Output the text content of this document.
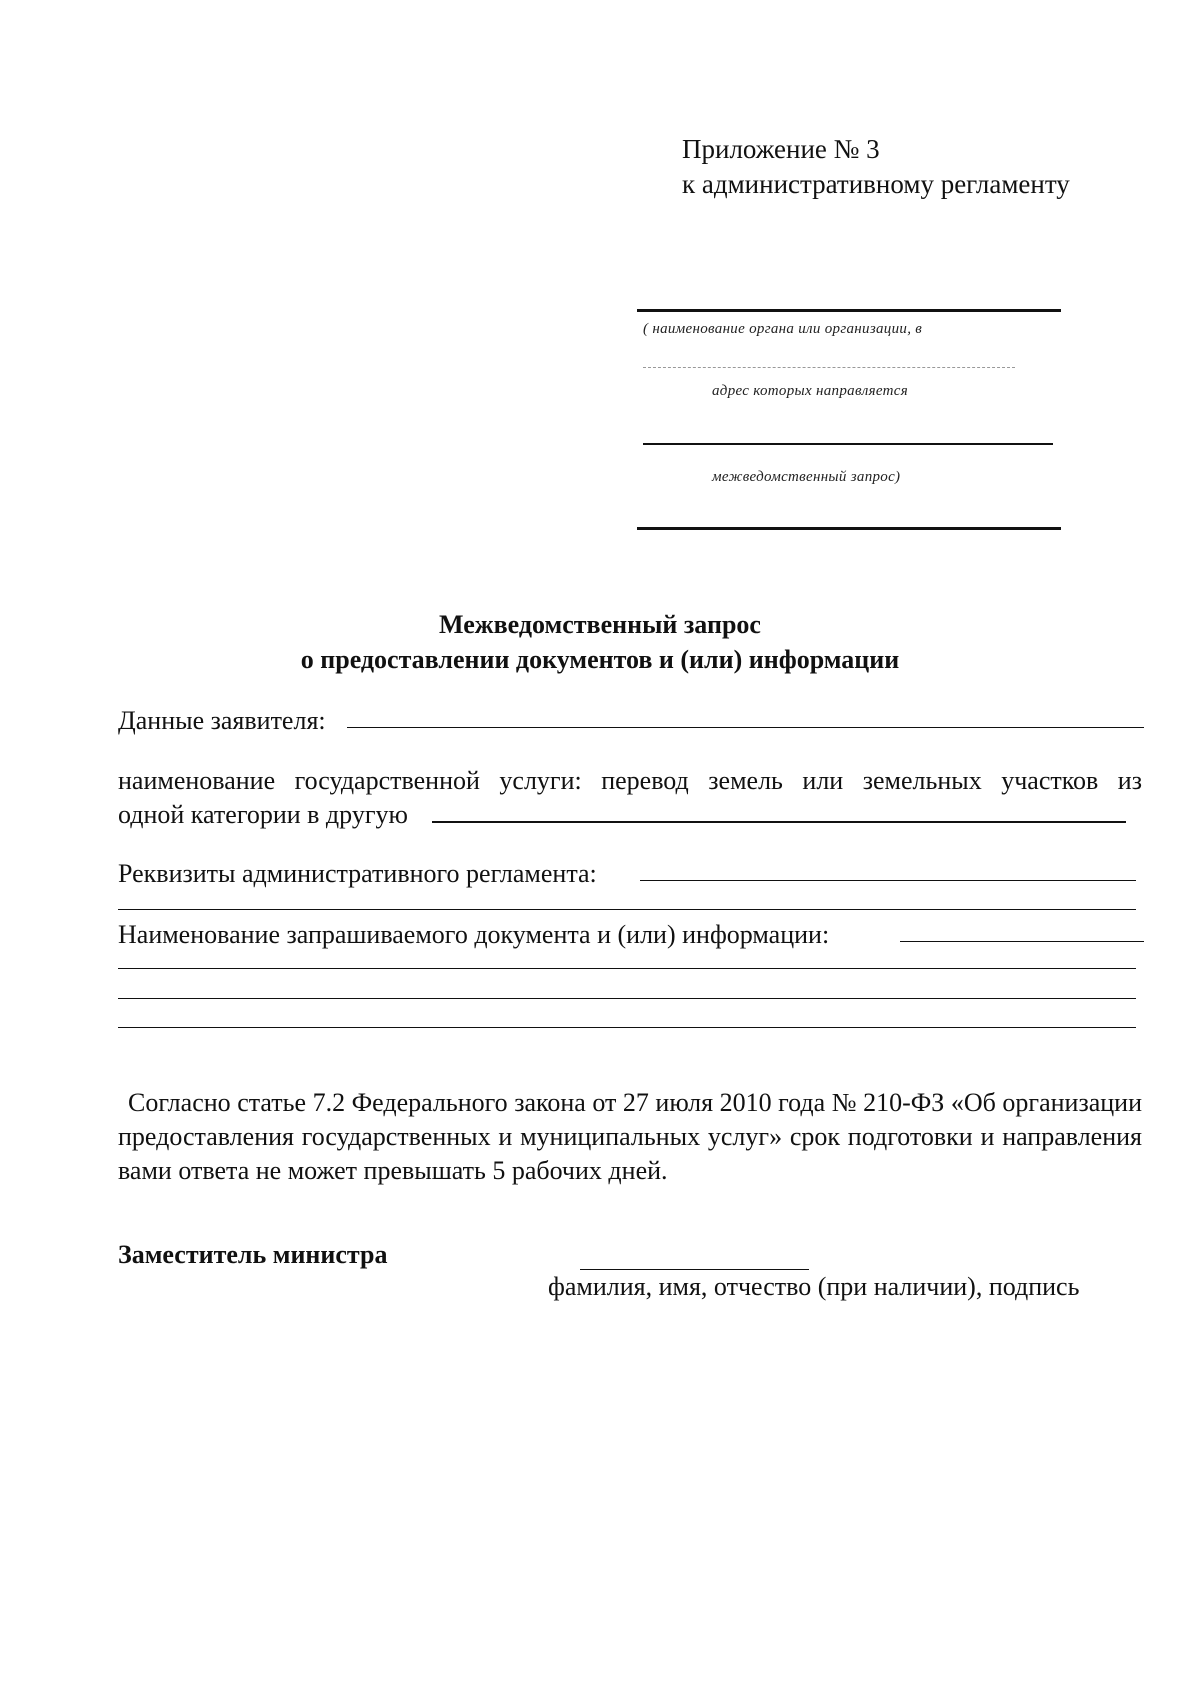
Приложение № 3
к административному регламенту
( наименование органа или организации, в
адрес которых направляется
межведомственный запрос)
Межведомственный запрос
о предоставлении документов и (или) информации
Данные заявителя:
наименование государственной услуги: перевод земель или земельных участков из
одной категории в другую
Реквизиты административного регламента:
Наименование запрашиваемого документа и (или) информации:
Согласно статье 7.2 Федерального закона от 27 июля 2010 года № 210-ФЗ «Об организации предоставления государственных и муниципальных услуг» срок подготовки и направления вами ответа не может превышать 5 рабочих дней.
Заместитель министра
фамилия, имя, отчество (при наличии), подпись
